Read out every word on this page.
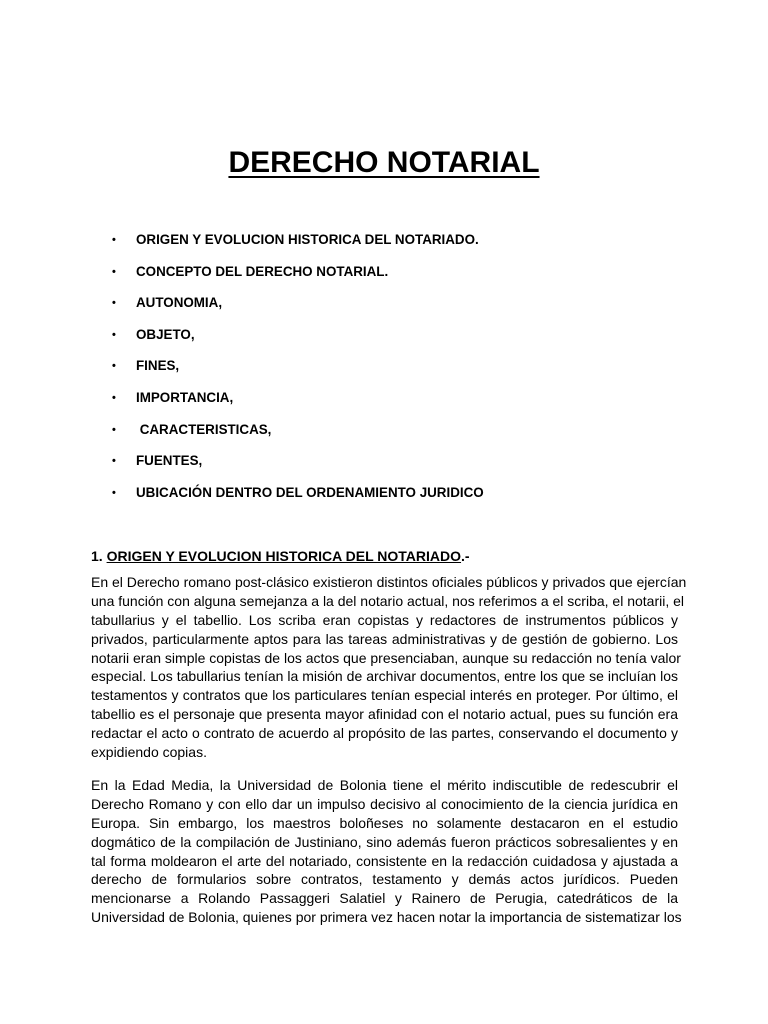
DERECHO NOTARIAL
•	ORIGEN Y EVOLUCION HISTORICA DEL NOTARIADO.
•	CONCEPTO DEL DERECHO NOTARIAL.
•	AUTONOMIA,
•	OBJETO,
•	FINES,
•	IMPORTANCIA,
•	CARACTERISTICAS,
•	FUENTES,
•	UBICACIÓN DENTRO DEL ORDENAMIENTO JURIDICO
1. ORIGEN Y EVOLUCION HISTORICA DEL NOTARIADO.-
En el Derecho romano post-clásico existieron distintos oficiales públicos y privados que ejercían
una función con alguna semejanza a la del notario actual, nos referimos a el scriba, el notarii, el
tabullarius y el tabellio. Los scriba eran copistas y redactores de instrumentos públicos y
privados, particularmente aptos para las tareas administrativas y de gestión de gobierno. Los
notarii eran simple copistas de los actos que presenciaban, aunque su redacción no tenía valor
especial. Los tabullarius tenían la misión de archivar documentos, entre los que se incluían los
testamentos y contratos que los particulares tenían especial interés en proteger. Por último, el
tabellio es el personaje que presenta mayor afinidad con el notario actual, pues su función era
redactar el acto o contrato de acuerdo al propósito de las partes, conservando el documento y
expidiendo copias.
En la Edad Media, la Universidad de Bolonia tiene el mérito indiscutible de redescubrir el
Derecho Romano y con ello dar un impulso decisivo al conocimiento de la ciencia jurídica en
Europa. Sin embargo, los maestros boloñeses no solamente destacaron en el estudio
dogmático de la compilación de Justiniano, sino además fueron prácticos sobresalientes y en
tal forma moldearon el arte del notariado, consistente en la redacción cuidadosa y ajustada a
derecho de formularios sobre contratos, testamento y demás actos jurídicos. Pueden
mencionarse a Rolando Passaggeri Salatiel y Rainero de Perugia, catedráticos de la
Universidad de Bolonia, quienes por primera vez hacen notar la importancia de sistematizar los
